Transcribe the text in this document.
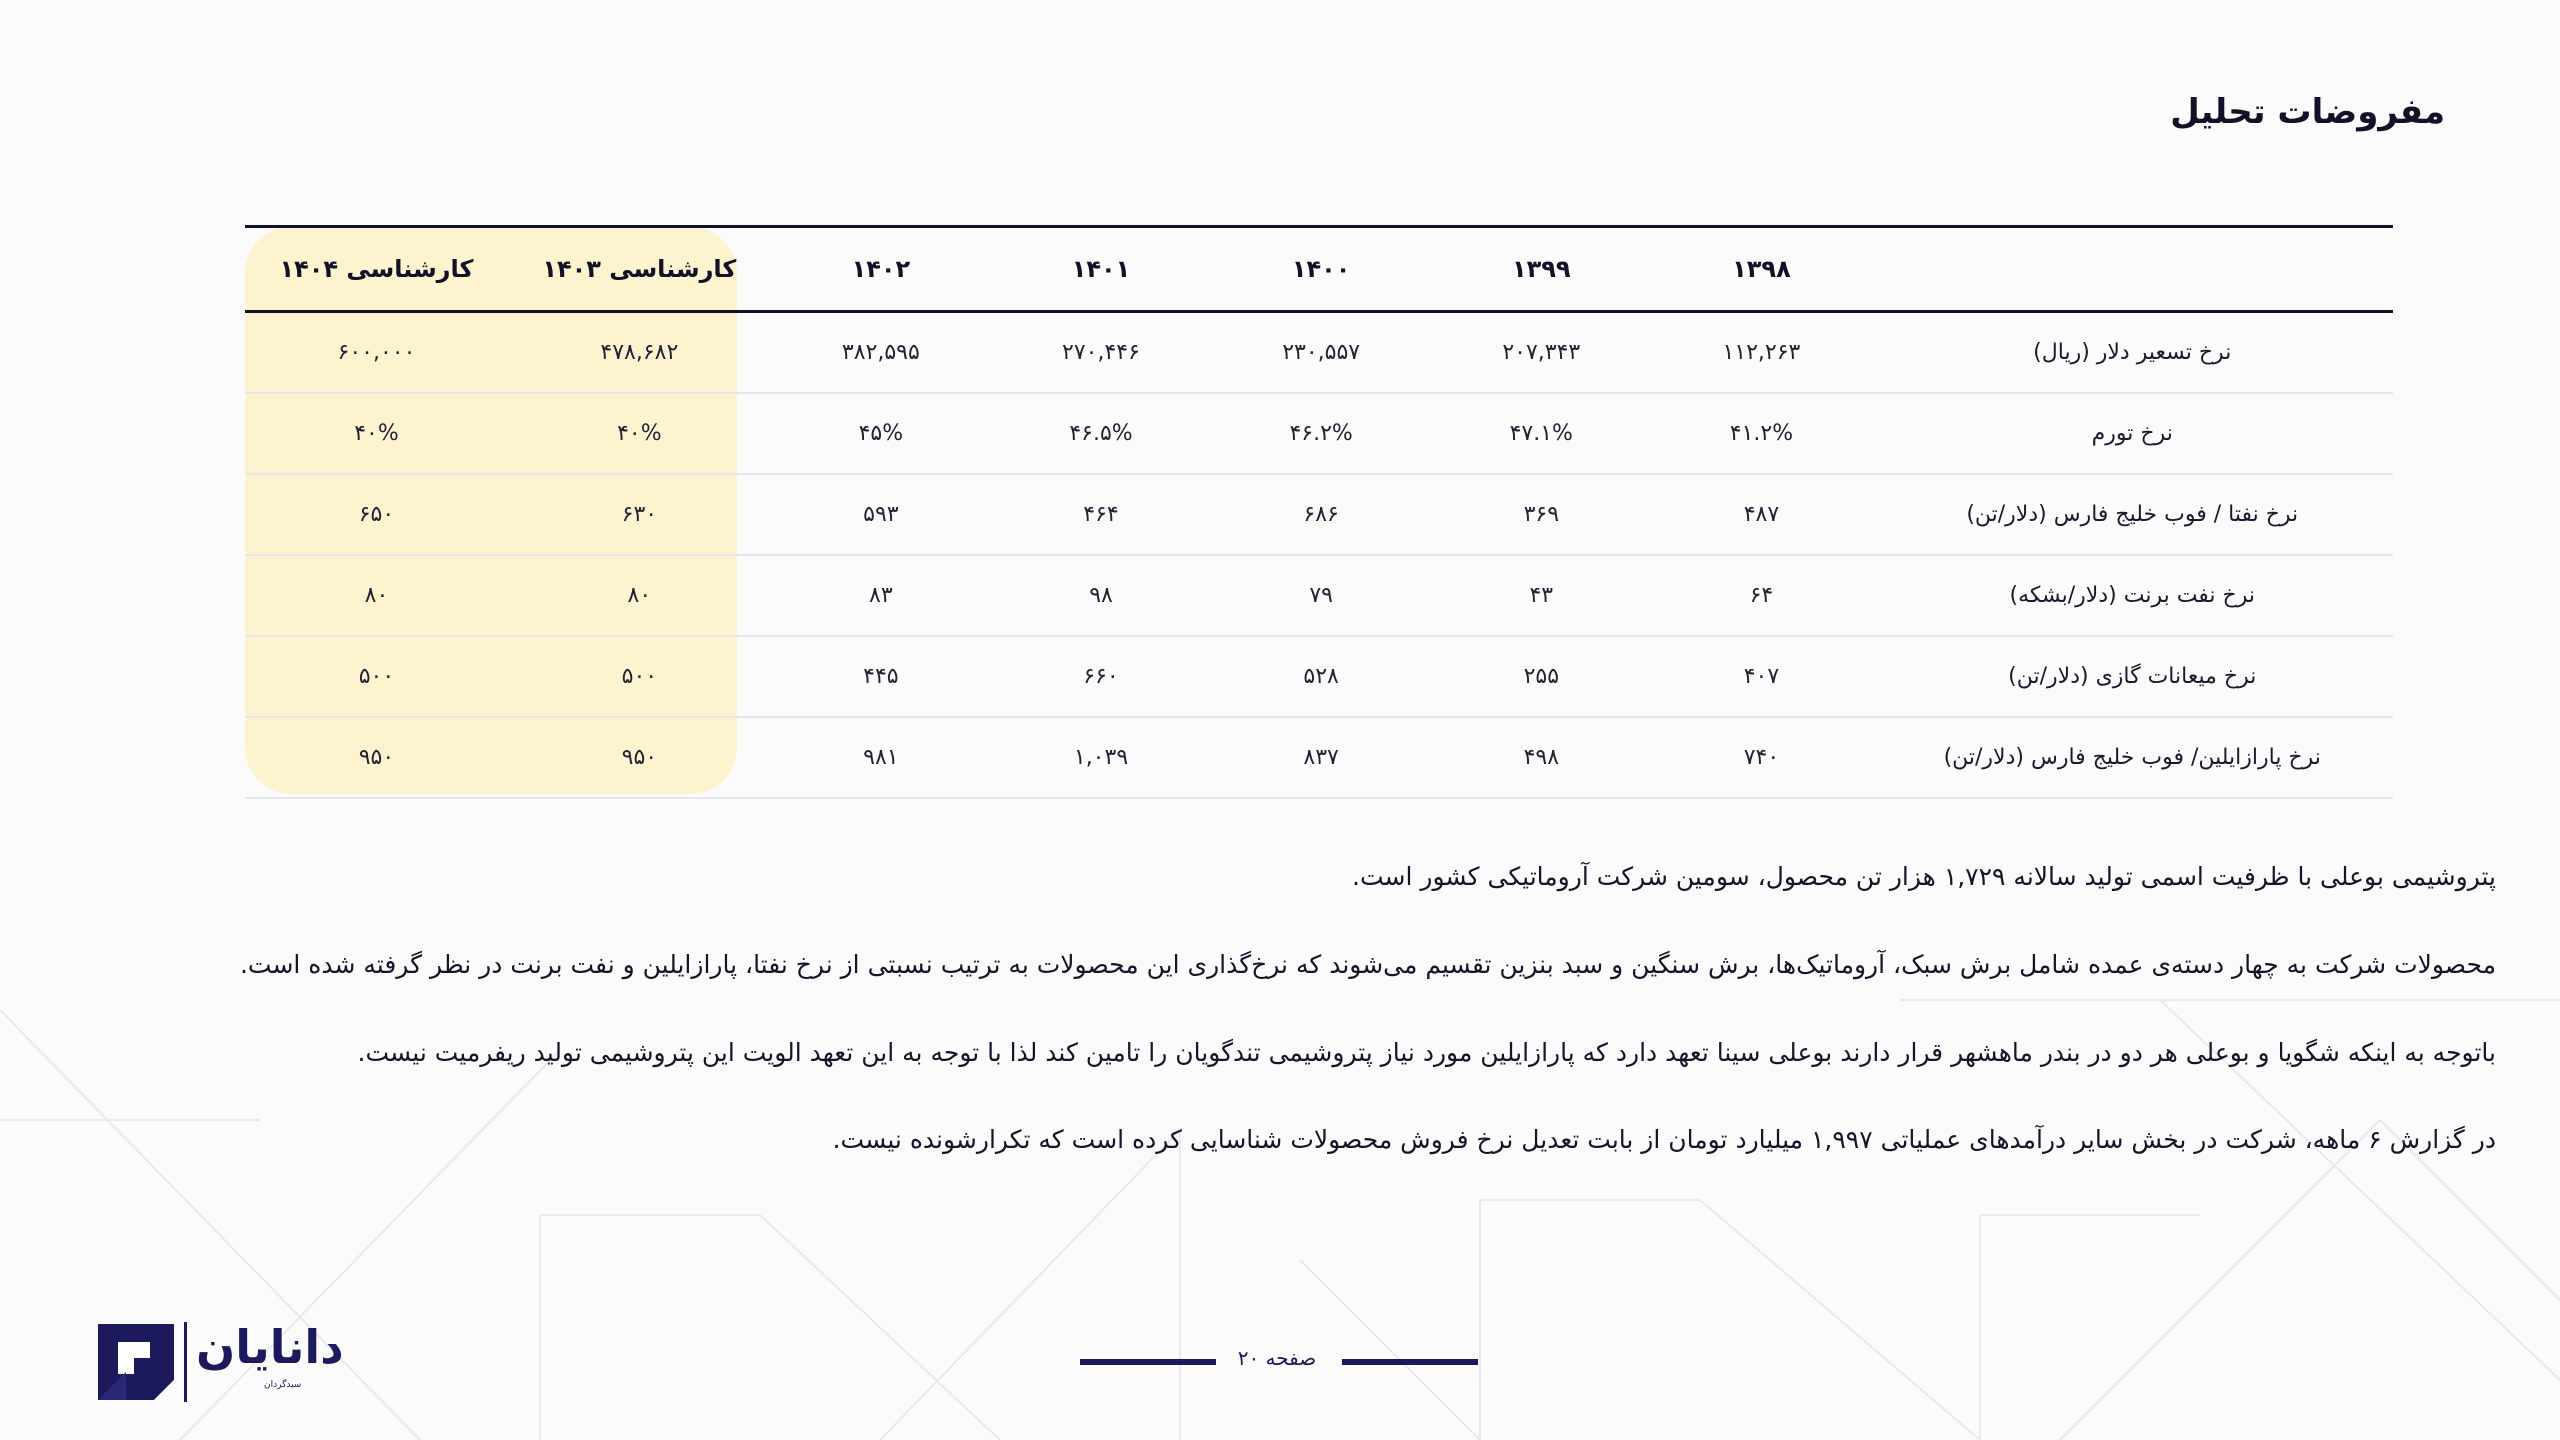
مفروضات تحلیل
	۱۳۹۸	۱۳۹۹	۱۴۰۰	۱۴۰۱	۱۴۰۲	کارشناسی ۱۴۰۳	کارشناسی ۱۴۰۴
نرخ تسعیر دلار (ریال)	۱۱۲,۲۶۳	۲۰۷,۳۴۳	۲۳۰,۵۵۷	۲۷۰,۴۴۶	۳۸۲,۵۹۵	۴۷۸,۶۸۲	۶۰۰,۰۰۰
نرخ تورم	۴۱.۲%	۴۷.۱%	۴۶.۲%	۴۶.۵%	۴۵%	۴۰%	۴۰%
نرخ نفتا / فوب خلیج فارس (دلار/تن)	۴۸۷	۳۶۹	۶۸۶	۴۶۴	۵۹۳	۶۳۰	۶۵۰
نرخ نفت برنت (دلار/بشکه)	۶۴	۴۳	۷۹	۹۸	۸۳	۸۰	۸۰
نرخ میعانات گازی (دلار/تن)	۴۰۷	۲۵۵	۵۲۸	۶۶۰	۴۴۵	۵۰۰	۵۰۰
نرخ پارازایلین/ فوب خلیج فارس (دلار/تن)	۷۴۰	۴۹۸	۸۳۷	۱,۰۳۹	۹۸۱	۹۵۰	۹۵۰

پتروشیمی بوعلی با ظرفیت اسمی تولید سالانه ۱,۷۲۹ هزار تن محصول، سومین شرکت آروماتیکی کشور است.

محصولات شرکت به چهار دسته‌ی عمده شامل برش سبک، آروماتیک‌ها، برش سنگین و سبد بنزین تقسیم می‌شوند که نرخ‌گذاری این محصولات به ترتیب نسبتی از نرخ نفتا، پارازایلین و نفت برنت در نظر گرفته شده است.

باتوجه به اینکه شگویا و بوعلی هر دو در بندر ماهشهر قرار دارند بوعلی سینا تعهد دارد که پارازایلین مورد نیاز پتروشیمی تندگویان را تامین کند لذا با توجه به این تعهد الویت این پتروشیمی تولید ریفرمیت نیست.

در گزارش ۶ ماهه، شرکت در بخش سایر درآمدهای عملیاتی ۱,۹۹۷ میلیارد تومان از بابت تعدیل نرخ فروش محصولات شناسایی کرده است که تکرارشونده نیست.

صفحه ۲۰
دانایان
سید‌گردان
